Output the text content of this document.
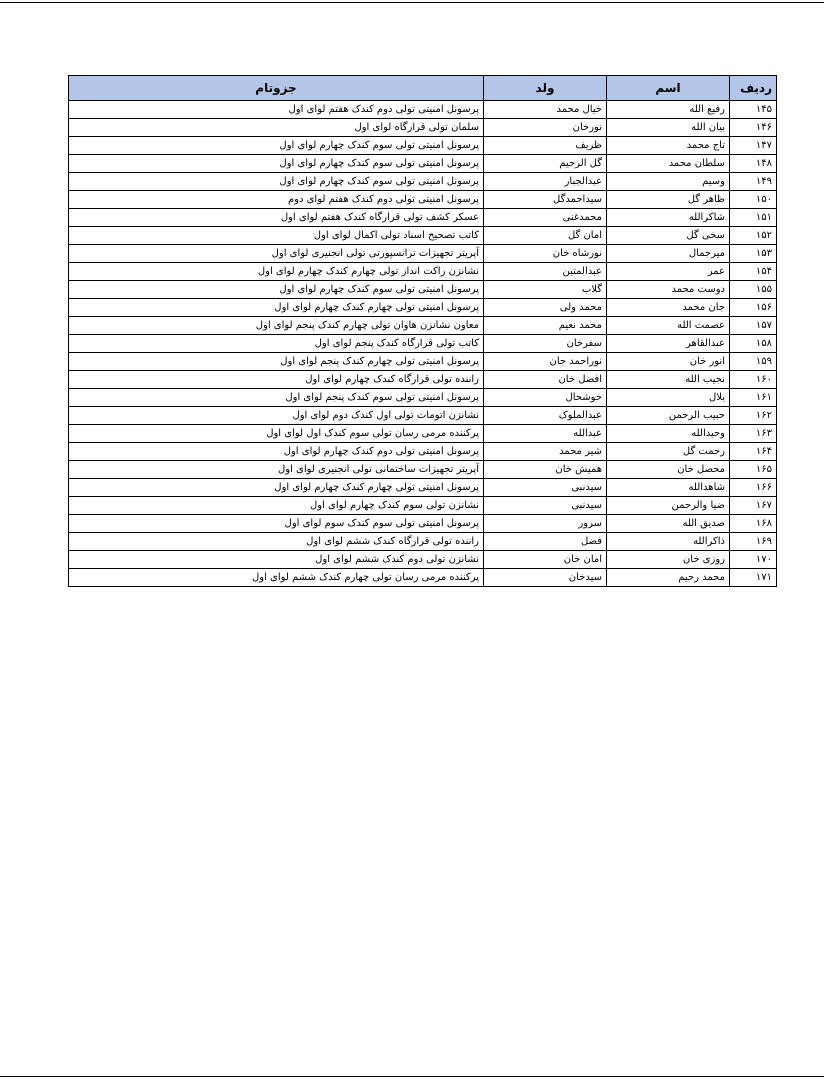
ردیف	اسم	ولد	جزوتام
۱۴۵	رفیع الله	خیال محمد	پرسونل امنیتی تولی دوم کندک هفتم لوای اول
۱۴۶	بیان الله	نورخان	سلمان تولی قرارگاه لوای اول
۱۴۷	تاج محمد	ظریف	پرسونل امنیتی تولی سوم کندک چهارم لوای اول
۱۴۸	سلطان محمد	گل الرحیم	پرسونل امنیتی تولی سوم کندک چهارم لوای اول
۱۴۹	وسیم	عبدالجبار	پرسونل امنیتی تولی سوم کندک چهارم لوای اول
۱۵۰	ظاهر گل	سیداحمدگل	پرسونل امنیتی تولی دوم کندک هفتم لوای دوم
۱۵۱	شاکرالله	محمدغنی	عسکر کشف تولی قرارگاه کندک هفتم لوای اول
۱۵۲	سخی گل	امان گل	کاتب تصحیح اسناد تولی اکمال لوای اول
۱۵۳	میرجمال	نورشاه خان	آپریتر تجهیزات ترانسپورتی تولی انجنیری لوای اول
۱۵۴	عمر	عبدالمتین	نشانزن راکت انداز تولی چهارم کندک چهارم لوای اول
۱۵۵	دوست محمد	گلاب	پرسونل امنیتی تولی سوم کندک چهارم لوای اول
۱۵۶	جان محمد	محمد ولی	پرسونل امنیتی تولی چهارم کندک چهارم لوای اول
۱۵۷	عصمت الله	محمد نعیم	معاون نشانزن هاوان تولی چهارم کندک پنجم لوای اول
۱۵۸	عبدالقاهر	سفرخان	کاتب تولی قرارگاه کندک پنجم لوای اول
۱۵۹	انور خان	نوراحمد جان	پرسونل امنیتی تولی چهارم کندک پنجم لوای اول
۱۶۰	نجیب الله	افضل خان	راننده تولی قرارگاه کندک چهارم لوای اول
۱۶۱	بلال	خوشحال	پرسونل امنیتی تولی سوم کندک پنجم لوای اول
۱۶۲	حبیب الرحمن	عبدالملوک	نشانزن اتومات تولی اول کندک دوم لوای اول
۱۶۳	وحیدالله	عبدالله	پرکننده مرمی رسان تولی سوم کندک اول لوای اول
۱۶۴	رحمت گل	شیر محمد	پرسونل امنیتی تولی دوم کندک چهارم لوای اول
۱۶۵	محصل خان	همیش خان	آپریتر تجهیزات ساختمانی تولی انجنیری لوای اول
۱۶۶	شاهدالله	سیدنبی	پرسونل امنیتی تولی چهارم کندک چهارم لوای اول
۱۶۷	ضیا والرحمن	سیدنبی	نشانزن تولی سوم کندک چهارم لوای اول
۱۶۸	صدیق الله	سرور	پرسونل امنیتی تولی سوم کندک سوم لوای اول
۱۶۹	ذاکرالله	فضل	راننده تولی قرارگاه کندک ششم لوای اول
۱۷۰	روزی خان	امان خان	نشانزن تولی دوم کندک ششم لوای اول
۱۷۱	محمد رحیم	سیدخان	پرکننده مرمی رسان تولی چهارم کندک ششم لوای اول
